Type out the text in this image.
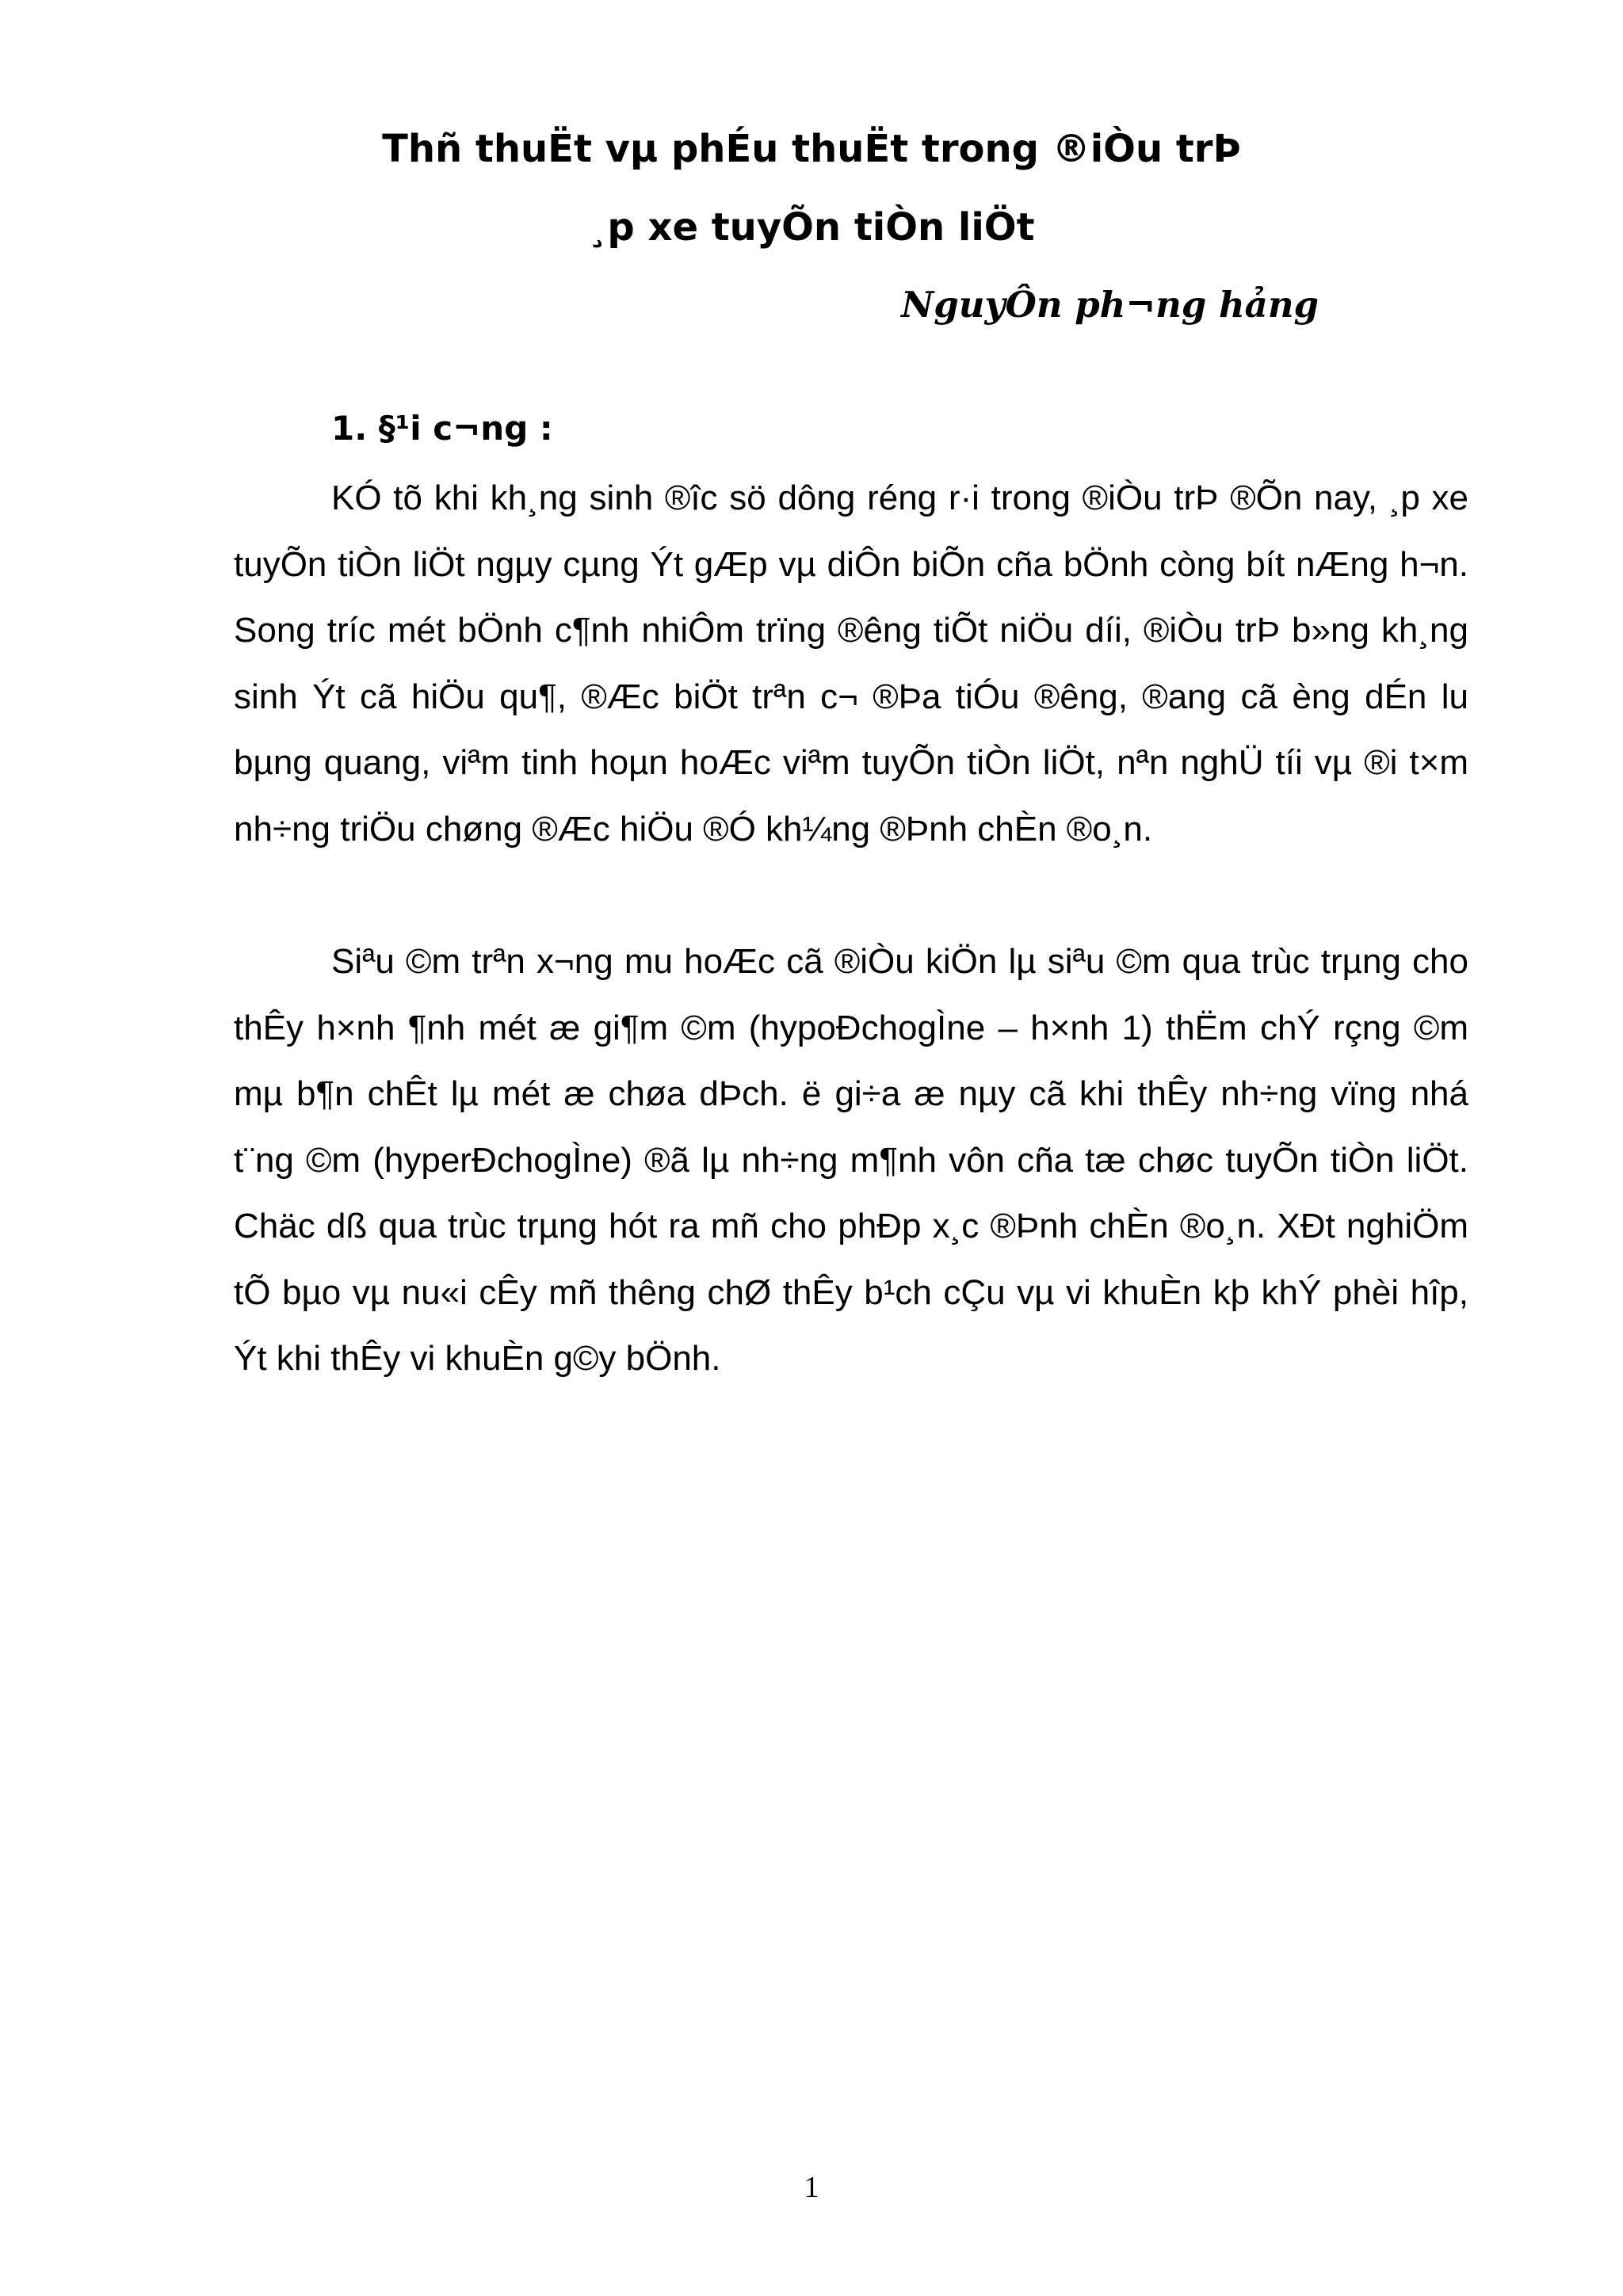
Thñ thuËt vµ phÉu thuËt trong ®iÒu trÞ
¸p xe tuyÕn tiÒn liÖt
NguyÔn ph¬ng hảng
1. §¹i c¬ng :

KÓ tõ khi kh¸ng sinh ®îc sö dông réng r·i trong ®iÒu trÞ ®Õn nay, ¸p xe tuyÕn tiÒn liÖt ngµy cµng Ýt gÆp vµ diÔn biÕn cña bÖnh còng bít nÆng h¬n. Song tríc mét bÖnh c¶nh nhiÔm trïng ®êng tiÕt niÖu díi, ®iÒu trÞ b»ng kh¸ng sinh Ýt cã hiÖu qu¶, ®Æc biÖt trªn c¬ ®Þa tiÓu ®êng, ®ang cã èng dÉn lu bµng quang, viªm tinh hoµn hoÆc viªm tuyÕn tiÒn liÖt, nªn nghÜ tíi vµ ®i t×m nh÷ng triÖu chøng ®Æc hiÖu ®Ó kh¼ng ®Þnh chÈn ®o¸n.

Siªu ©m trªn x¬ng mu hoÆc cã ®iÒu kiÖn lµ siªu ©m qua trùc trµng cho thÊy h×nh ¶nh mét æ gi¶m ©m (hypoÐchogÌne – h×nh 1) thËm chÝ rçng ©m mµ b¶n chÊt lµ mét æ chøa dÞch. ë gi÷a æ nµy cã khi thÊy nh÷ng vïng nhá t¨ng ©m (hyperÐchogÌne) ®ã lµ nh÷ng m¶nh vôn cña tæ chøc tuyÕn tiÒn liÖt. Chäc dß qua trùc trµng hót ra mñ cho phÐp x¸c ®Þnh chÈn ®o¸n. XÐt nghiÖm tÕ bµo vµ nu«i cÊy mñ thêng chØ thÊy b¹ch cÇu vµ vi khuÈn kþ khÝ phèi hîp, Ýt khi thÊy vi khuÈn g©y bÖnh.

1
